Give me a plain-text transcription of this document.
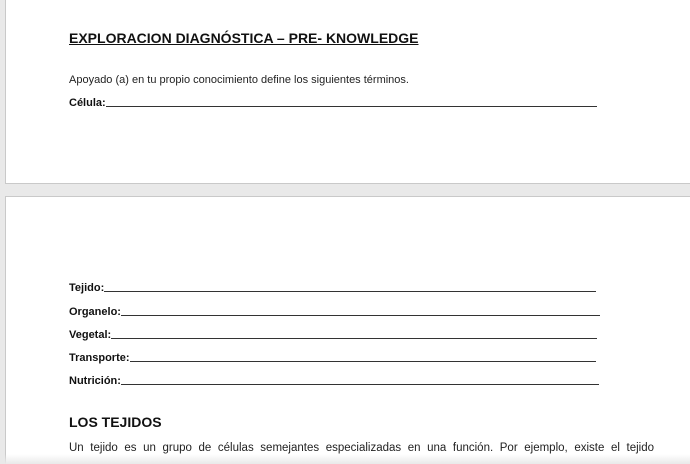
EXPLORACION DIAGNÓSTICA – PRE- KNOWLEDGE
Apoyado (a) en tu propio conocimiento define los siguientes términos.
Célula:
Tejido:
Organelo:
Vegetal:
Transporte:
Nutrición:
LOS TEJIDOS
Un tejido es un grupo de células semejantes especializadas en una función. Por ejemplo, existe el tejido
